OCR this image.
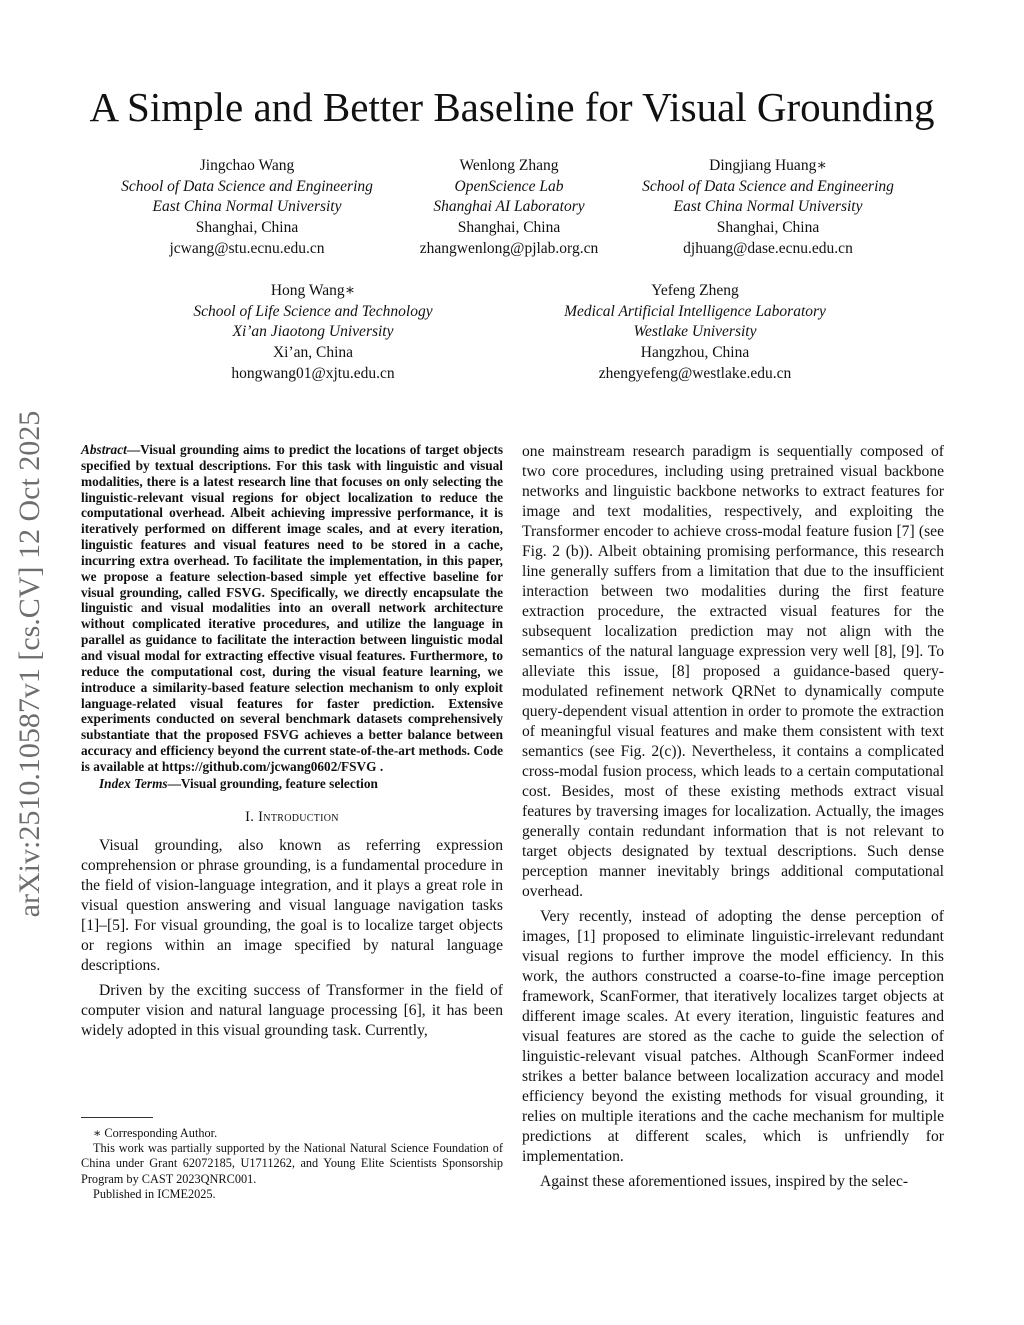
A Simple and Better Baseline for Visual Grounding
Jingchao Wang
School of Data Science and Engineering
East China Normal University
Shanghai, China
jcwang@stu.ecnu.edu.cn
Wenlong Zhang
OpenScience Lab
Shanghai AI Laboratory
Shanghai, China
zhangwenlong@pjlab.org.cn
Dingjiang Huang∗
School of Data Science and Engineering
East China Normal University
Shanghai, China
djhuang@dase.ecnu.edu.cn
Hong Wang∗
School of Life Science and Technology
Xi’an Jiaotong University
Xi’an, China
hongwang01@xjtu.edu.cn
Yefeng Zheng
Medical Artificial Intelligence Laboratory
Westlake University
Hangzhou, China
zhengyefeng@westlake.edu.cn
arXiv:2510.10587v1 [cs.CV] 12 Oct 2025	Abstract—Visual grounding aims to predict the locations of target objects specified by textual descriptions. For this task with linguistic and visual modalities, there is a latest research line that focuses on only selecting the linguistic-relevant visual regions for object localization to reduce the computational overhead. Albeit achieving impressive performance, it is iteratively performed on different image scales, and at every iteration, linguistic features and visual features need to be stored in a cache, incurring extra overhead. To facilitate the implementation, in this paper, we propose a feature selection-based simple yet effective baseline for visual grounding, called FSVG. Specifically, we directly encapsulate the linguistic and visual modalities into an overall network architecture without complicated iterative procedures, and utilize the language in parallel as guidance to facilitate the interaction between linguistic modal and visual modal for extracting effective visual features. Furthermore, to reduce the computational cost, during the visual feature learning, we introduce a similarity-based feature selection mechanism to only exploit language-related visual features for faster prediction. Extensive experiments conducted on several benchmark datasets comprehensively substantiate that the proposed FSVG achieves a better balance between accuracy and efficiency beyond the current state-of-the-art methods. Code is available at https://github.com/jcwang0602/FSVG .

Index Terms—Visual grounding, feature selection

I. Introduction

Visual grounding, also known as referring expression comprehension or phrase grounding, is a fundamental procedure in the field of vision-language integration, and it plays a great role in visual question answering and visual language navigation tasks [1]–[5]. For visual grounding, the goal is to localize target objects or regions within an image specified by natural language descriptions.

Driven by the exciting success of Transformer in the field of computer vision and natural language processing [6], it has been widely adopted in this visual grounding task. Currently,

∗ Corresponding Author.

This work was partially supported by the National Natural Science Foundation of China under Grant 62072185, U1711262, and Young Elite Scientists Sponsorship Program by CAST 2023QNRC001.

Published in ICME2025.

one mainstream research paradigm is sequentially composed of two core procedures, including using pretrained visual backbone networks and linguistic backbone networks to extract features for image and text modalities, respectively, and exploiting the Transformer encoder to achieve cross-modal feature fusion [7] (see Fig. 2 (b)). Albeit obtaining promising performance, this research line generally suffers from a limitation that due to the insufficient interaction between two modalities during the first feature extraction procedure, the extracted visual features for the subsequent localization prediction may not align with the semantics of the natural language expression very well [8], [9]. To alleviate this issue, [8] proposed a guidance-based query-modulated refinement network QRNet to dynamically compute query-dependent visual attention in order to promote the extraction of meaningful visual features and make them consistent with text semantics (see Fig. 2(c)). Nevertheless, it contains a complicated cross-modal fusion process, which leads to a certain computational cost. Besides, most of these existing methods extract visual features by traversing images for localization. Actually, the images generally contain redundant information that is not relevant to target objects designated by textual descriptions. Such dense perception manner inevitably brings additional computational overhead.

Very recently, instead of adopting the dense perception of images, [1] proposed to eliminate linguistic-irrelevant redundant visual regions to further improve the model efficiency. In this work, the authors constructed a coarse-to-fine image perception framework, ScanFormer, that iteratively localizes target objects at different image scales. At every iteration, linguistic features and visual features are stored as the cache to guide the selection of linguistic-relevant visual patches. Although ScanFormer indeed strikes a better balance between localization accuracy and model efficiency beyond the existing methods for visual grounding, it relies on multiple iterations and the cache mechanism for multiple predictions at different scales, which is unfriendly for implementation.

Against these aforementioned issues, inspired by the selec-
